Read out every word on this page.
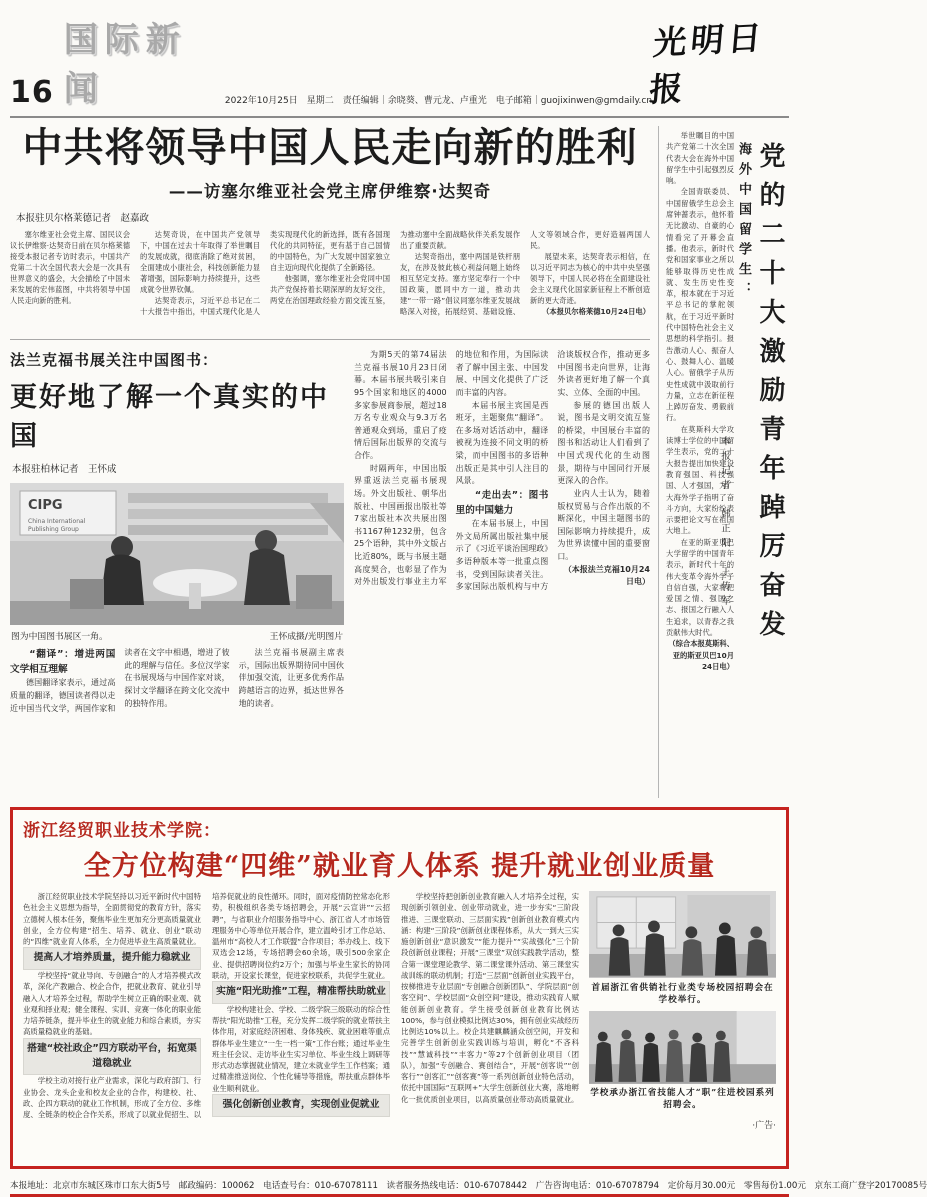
16
国际新闻	2022年10月25日　星期二　责任编辑｜余晓葵、曹元龙、卢重光　电子邮箱｜guojixinwen@gmdaily.cn
光明日报
中共将领导中国人民走向新的胜利
——访塞尔维亚社会党主席伊维察·达契奇
本报驻贝尔格莱德记者　赵嘉政

塞尔维亚社会党主席、国民议会议长伊维察·达契奇日前在贝尔格莱德接受本报记者专访时表示，中国共产党第二十次全国代表大会是一次具有世界意义的盛会，大会描绘了中国未来发展的宏伟蓝图，中共将领导中国人民走向新的胜利。

达契奇说，在中国共产党领导下，中国在过去十年取得了举世瞩目的发展成就，彻底消除了绝对贫困，全面建成小康社会，科技创新能力显著增强，国际影响力持续提升，这些成就令世界钦佩。

达契奇表示，习近平总书记在二十大报告中指出，中国式现代化是人类实现现代化的新选择，既有各国现代化的共同特征，更有基于自己国情的中国特色，为广大发展中国家独立自主迈向现代化提供了全新路径。

他强调，塞尔维亚社会党同中国共产党保持着长期深厚的友好交往，两党在治国理政经验方面交流互鉴，为推动塞中全面战略伙伴关系发展作出了重要贡献。

达契奇指出，塞中两国是铁杆朋友，在涉及彼此核心利益问题上始终相互坚定支持。塞方坚定奉行一个中国政策，愿同中方一道，推动共建“一带一路”倡议同塞尔维亚发展战略深入对接，拓展经贸、基础设施、人文等领域合作，更好造福两国人民。

展望未来，达契奇表示相信，在以习近平同志为核心的中共中央坚强领导下，中国人民必将在全面建设社会主义现代化国家新征程上不断创造新的更大奇迹。

（本报贝尔格莱德10月24日电）

法兰克福书展关注中国图书：
更好地了解一个真实的中国
本报驻柏林记者　王怀成
CIPG
China International
Publishing Group
图为中国图书展区一角。	王怀成摄/光明图片

“翻译”：增进两国文学相互理解

德国翻译家表示，通过高质量的翻译，德国读者得以走近中国当代文学，两国作家和读者在文字中相遇，增进了彼此的理解与信任。多位汉学家在书展现场与中国作家对谈，探讨文学翻译在跨文化交流中的独特作用。

法兰克福书展副主席表示，国际出版界期待同中国伙伴加强交流，让更多优秀作品跨越语言的边界，抵达世界各地的读者。

为期5天的第74届法兰克福书展10月23日闭幕。本届书展共吸引来自95个国家和地区的4000多家参展商参展，超过18万名专业观众与9.3万名普通观众到场，重启了疫情后国际出版界的交流与合作。

时隔两年，中国出版界重返法兰克福书展现场。外文出版社、朝华出版社、中国画报出版社等7家出版社本次共展出图书1167种1232册，包含25个语种，其中外文版占比近80%，既与书展主题高度契合，也彰显了作为对外出版发行事业主力军的地位和作用，为国际读者了解中国主张、中国发展、中国文化提供了广泛而丰富的内容。

本届书展主宾国是西班牙，主题聚焦“翻译”。在多场对话活动中，翻译被视为连接不同文明的桥梁，而中国图书的多语种出版正是其中引人注目的风景。

“走出去”：图书里的中国魅力

在本届书展上，中国外文局所属出版社集中展示了《习近平谈治国理政》多语种版本等一批重点图书，受到国际读者关注。多家国际出版机构与中方洽谈版权合作，推动更多中国图书走向世界，让海外读者更好地了解一个真实、立体、全面的中国。

参展的德国出版人说，图书是文明交流互鉴的桥梁，中国展台丰富的图书和活动让人们看到了中国式现代化的生动图景，期待与中国同行开展更深入的合作。

业内人士认为，随着版权贸易与合作出版的不断深化，中国主题图书的国际影响力持续提升，成为世界读懂中国的重要窗口。

（本报法兰克福10月24日电）

举世瞩目的中国共产党第二十次全国代表大会在海外中国留学生中引起强烈反响。

全国青联委员、中国留俄学生总会主席钟蔷表示，他怀着无比激动、自豪的心情看完了开幕会直播。他表示，新时代党和国家事业之所以能够取得历史性成就、发生历史性变革，根本就在于习近平总书记的掌舵领航，在于习近平新时代中国特色社会主义思想的科学指引。报告激动人心、振奋人心、鼓舞人心、温暖人心。留俄学子从历史性成就中汲取前行力量，立志在新征程上踔厉奋发、勇毅前行。

在莫斯科大学攻读博士学位的中国留学生表示，党的二十大报告提出加快建设教育强国、科技强国、人才强国，为广大海外学子指明了奋斗方向，大家纷纷表示要把论文写在祖国大地上。

在亚的斯亚贝巴大学留学的中国青年表示，新时代十年的伟大变革令海外学子自信自强，大家将把爱国之情、强国之志、报国之行融入人生追求，以青春之我贡献伟大时代。

（综合本报莫斯科、亚的斯亚贝巴10月24日电）

本报记者　韩正阳　王传军
海外中国留学生： 党的二十大激励青年踔厉奋发
浙江经贸职业技术学院：
全方位构建“四维”就业育人体系 提升就业创业质量

浙江经贸职业技术学院坚持以习近平新时代中国特色社会主义思想为指导，全面贯彻党的教育方针，落实立德树人根本任务，聚焦毕业生更加充分更高质量就业创业，全方位构建“招生、培养、就业、创业”联动的“四维”就业育人体系，全力促进毕业生高质量就业。

提高人才培养质量，提升能力稳就业

学校坚持“就业导向、专创融合”的人才培养模式改革，深化产教融合、校企合作，把就业教育、就业引导融入人才培养全过程，帮助学生树立正确的职业观、就业观和择业观；健全课程、实训、竞赛一体化的职业能力培养链条，提升毕业生的就业能力和综合素质，夯实高质量稳就业的基础。

搭建“校社政企”四方联动平台，拓宽渠道稳就业

学校主动对接行业产业需求，深化与政府部门、行业协会、龙头企业和校友企业的合作，构建校、社、政、企四方联动的就业工作机制，形成了全方位、多维度、全链条的校企合作关系，形成了以就业促招生、以培养促就业的良性循环。同时，面对疫情防控常态化形势，积极组织各类专场招聘会，开展“云宣讲”“云招聘”，与省职业介绍服务指导中心、浙江省人才市场管理服务中心等单位开展合作，建立温岭引才工作总站、温州市“高校人才工作联盟”合作项目；举办线上、线下双选会12场，专场招聘会60余场，吸引500余家企业、提供招聘岗位约2万个；加强与毕业生家长的协同联动，开设家长课堂，促进家校联系，共促学生就业。

实施“阳光助推”工程，精准帮扶助就业

学校构建社会、学校、二级学院三级联动的综合性帮扶“阳光助推”工程，充分发挥二级学院的就业帮扶主体作用，对家庭经济困难、身体残疾、就业困难等重点群体毕业生建立“一生一档一策”工作台账；通过毕业生班主任会议、走访毕业生实习单位、毕业生线上调研等形式动态掌握就业情况，建立未就业学生工作档案；通过精准推送岗位、个性化辅导等措施，帮扶重点群体毕业生顺利就业。

强化创新创业教育，实现创业促就业

学校坚持把创新创业教育融入人才培养全过程，实现创新引领创业、创业带动就业，进一步夯实“三阶段推进、三课堂联动、三层面实践”创新创业教育模式内涵：构建“三阶段”创新创业课程体系，从大一到大三实施创新创业“意识激发”“能力提升”“实战强化”三个阶段创新创业课程；开展“三课堂”双创实践教学活动，整合第一课堂理论教学、第二课堂课外活动、第三课堂实战训练的联动机制；打造“三层面”创新创业实践平台，按梯推进专业层面“专创融合创新团队”、学院层面“创客空间”、学校层面“众创空间”建设，推动实践育人赋能创新创业教育。学生接受创新创业教育比例达100%，参与创业模拟比例达30%，拥有创业实战经历比例达10%以上。校企共建麒麟涵众创空间，开发和完善学生创新创业实践训练与培训，孵化“不吝科技”“慧诚科技”“丰客力”等27个创新创业项目（团队），加强“专创融合、赛创结合”，开展“创客说”“创客行”“创客汇”“创客赛”等一系列创新创业特色活动，依托中国国际“互联网+”大学生创新创业大赛，落地孵化一批优质创业项目，以高质量创业带动高质量就业。

首届浙江省供销社行业类专场校园招聘会在学校举行。
学校承办浙江省技能人才“职”往进校园系列招聘会。
·广告·
本报地址：北京市东城区珠市口东大街5号　邮政编码：100062　电话查号台：010-67078111　读者服务热线电话：010-67078442　广告咨询电话：010-67078794　定价每月30.00元　零售每份1.00元　京东工商广登字20170085号
